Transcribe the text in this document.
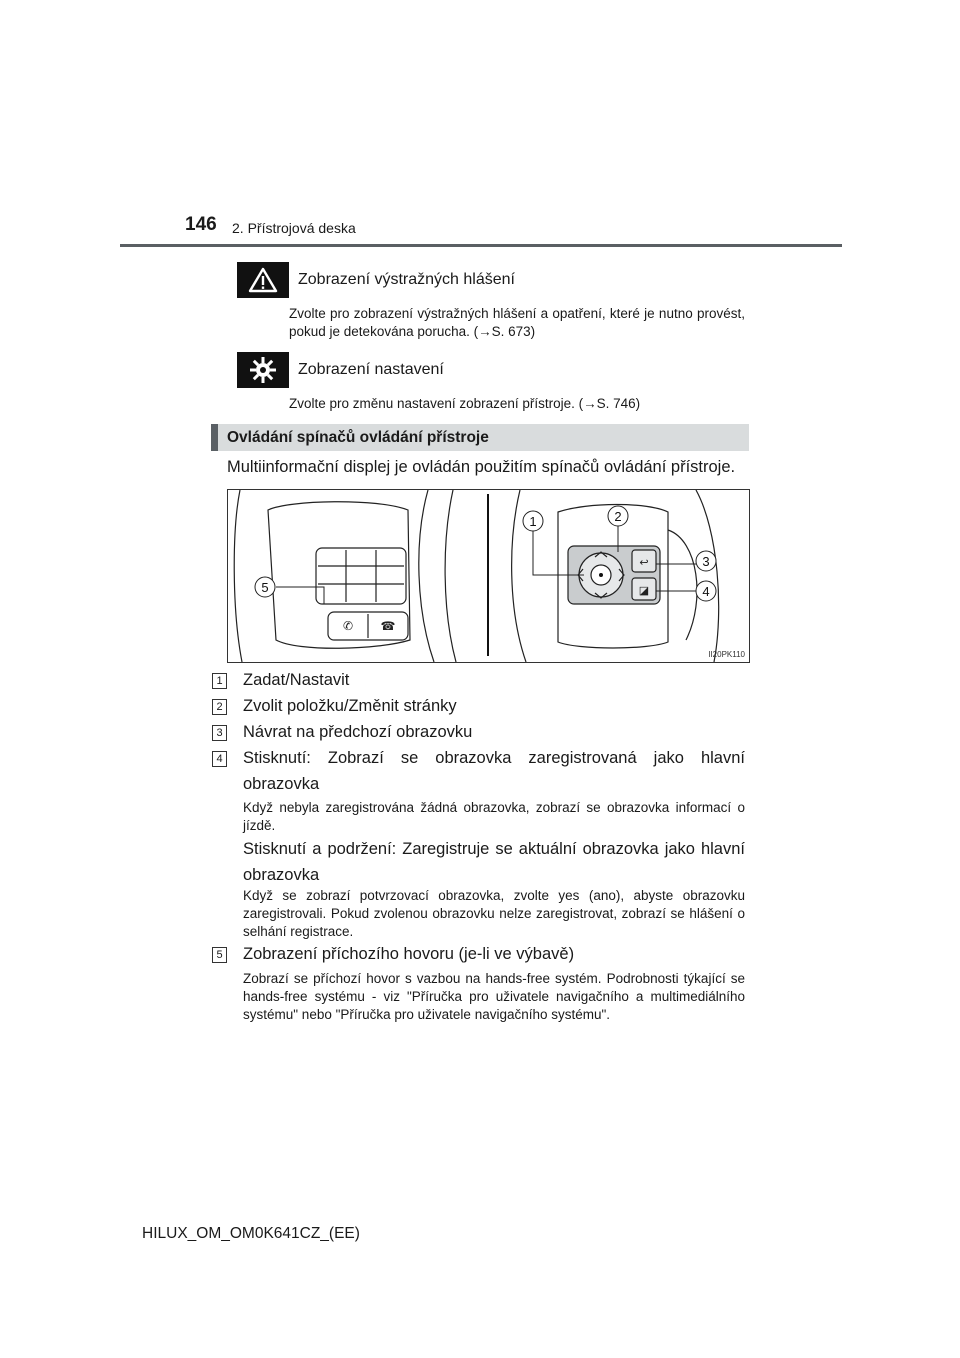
146 2. Přístrojová deska
Zobrazení výstražných hlášení
Zvolte pro zobrazení výstražných hlášení a opatření, které je nutno provést, pokud je detekována porucha. (→S. 673)
Zobrazení nastavení
Zvolte pro změnu nastavení zobrazení přístroje. (→S. 746)
Ovládání spínačů ovládání přístroje
Multiinformační displej je ovládán použitím spínačů ovládání přístroje.
✆ ☎
↩
◪
5
1	2
3
4
II20PK110
1 Zadat/Nastavit
2 Zvolit položku/Změnit stránky
3 Návrat na předchozí obrazovku
4 Stisknutí: Zobrazí se obrazovka zaregistrovaná jako hlavní obrazovka
Když nebyla zaregistrována žádná obrazovka, zobrazí se obrazovka informací o jízdě.
Stisknutí a podržení: Zaregistruje se aktuální obrazovka jako hlavní obrazovka
Když se zobrazí potvrzovací obrazovka, zvolte yes (ano), abyste obrazovku zaregistrovali. Pokud zvolenou obrazovku nelze zaregistrovat, zobrazí se hlášení o selhání registrace.
5 Zobrazení příchozího hovoru (je-li ve výbavě)
Zobrazí se příchozí hovor s vazbou na hands-free systém. Podrobnosti týkající se hands-free systému - viz "Příručka pro uživatele navigačního a multimediálního systému" nebo "Příručka pro uživatele navigačního systému".
HILUX_OM_OM0K641CZ_(EE)
